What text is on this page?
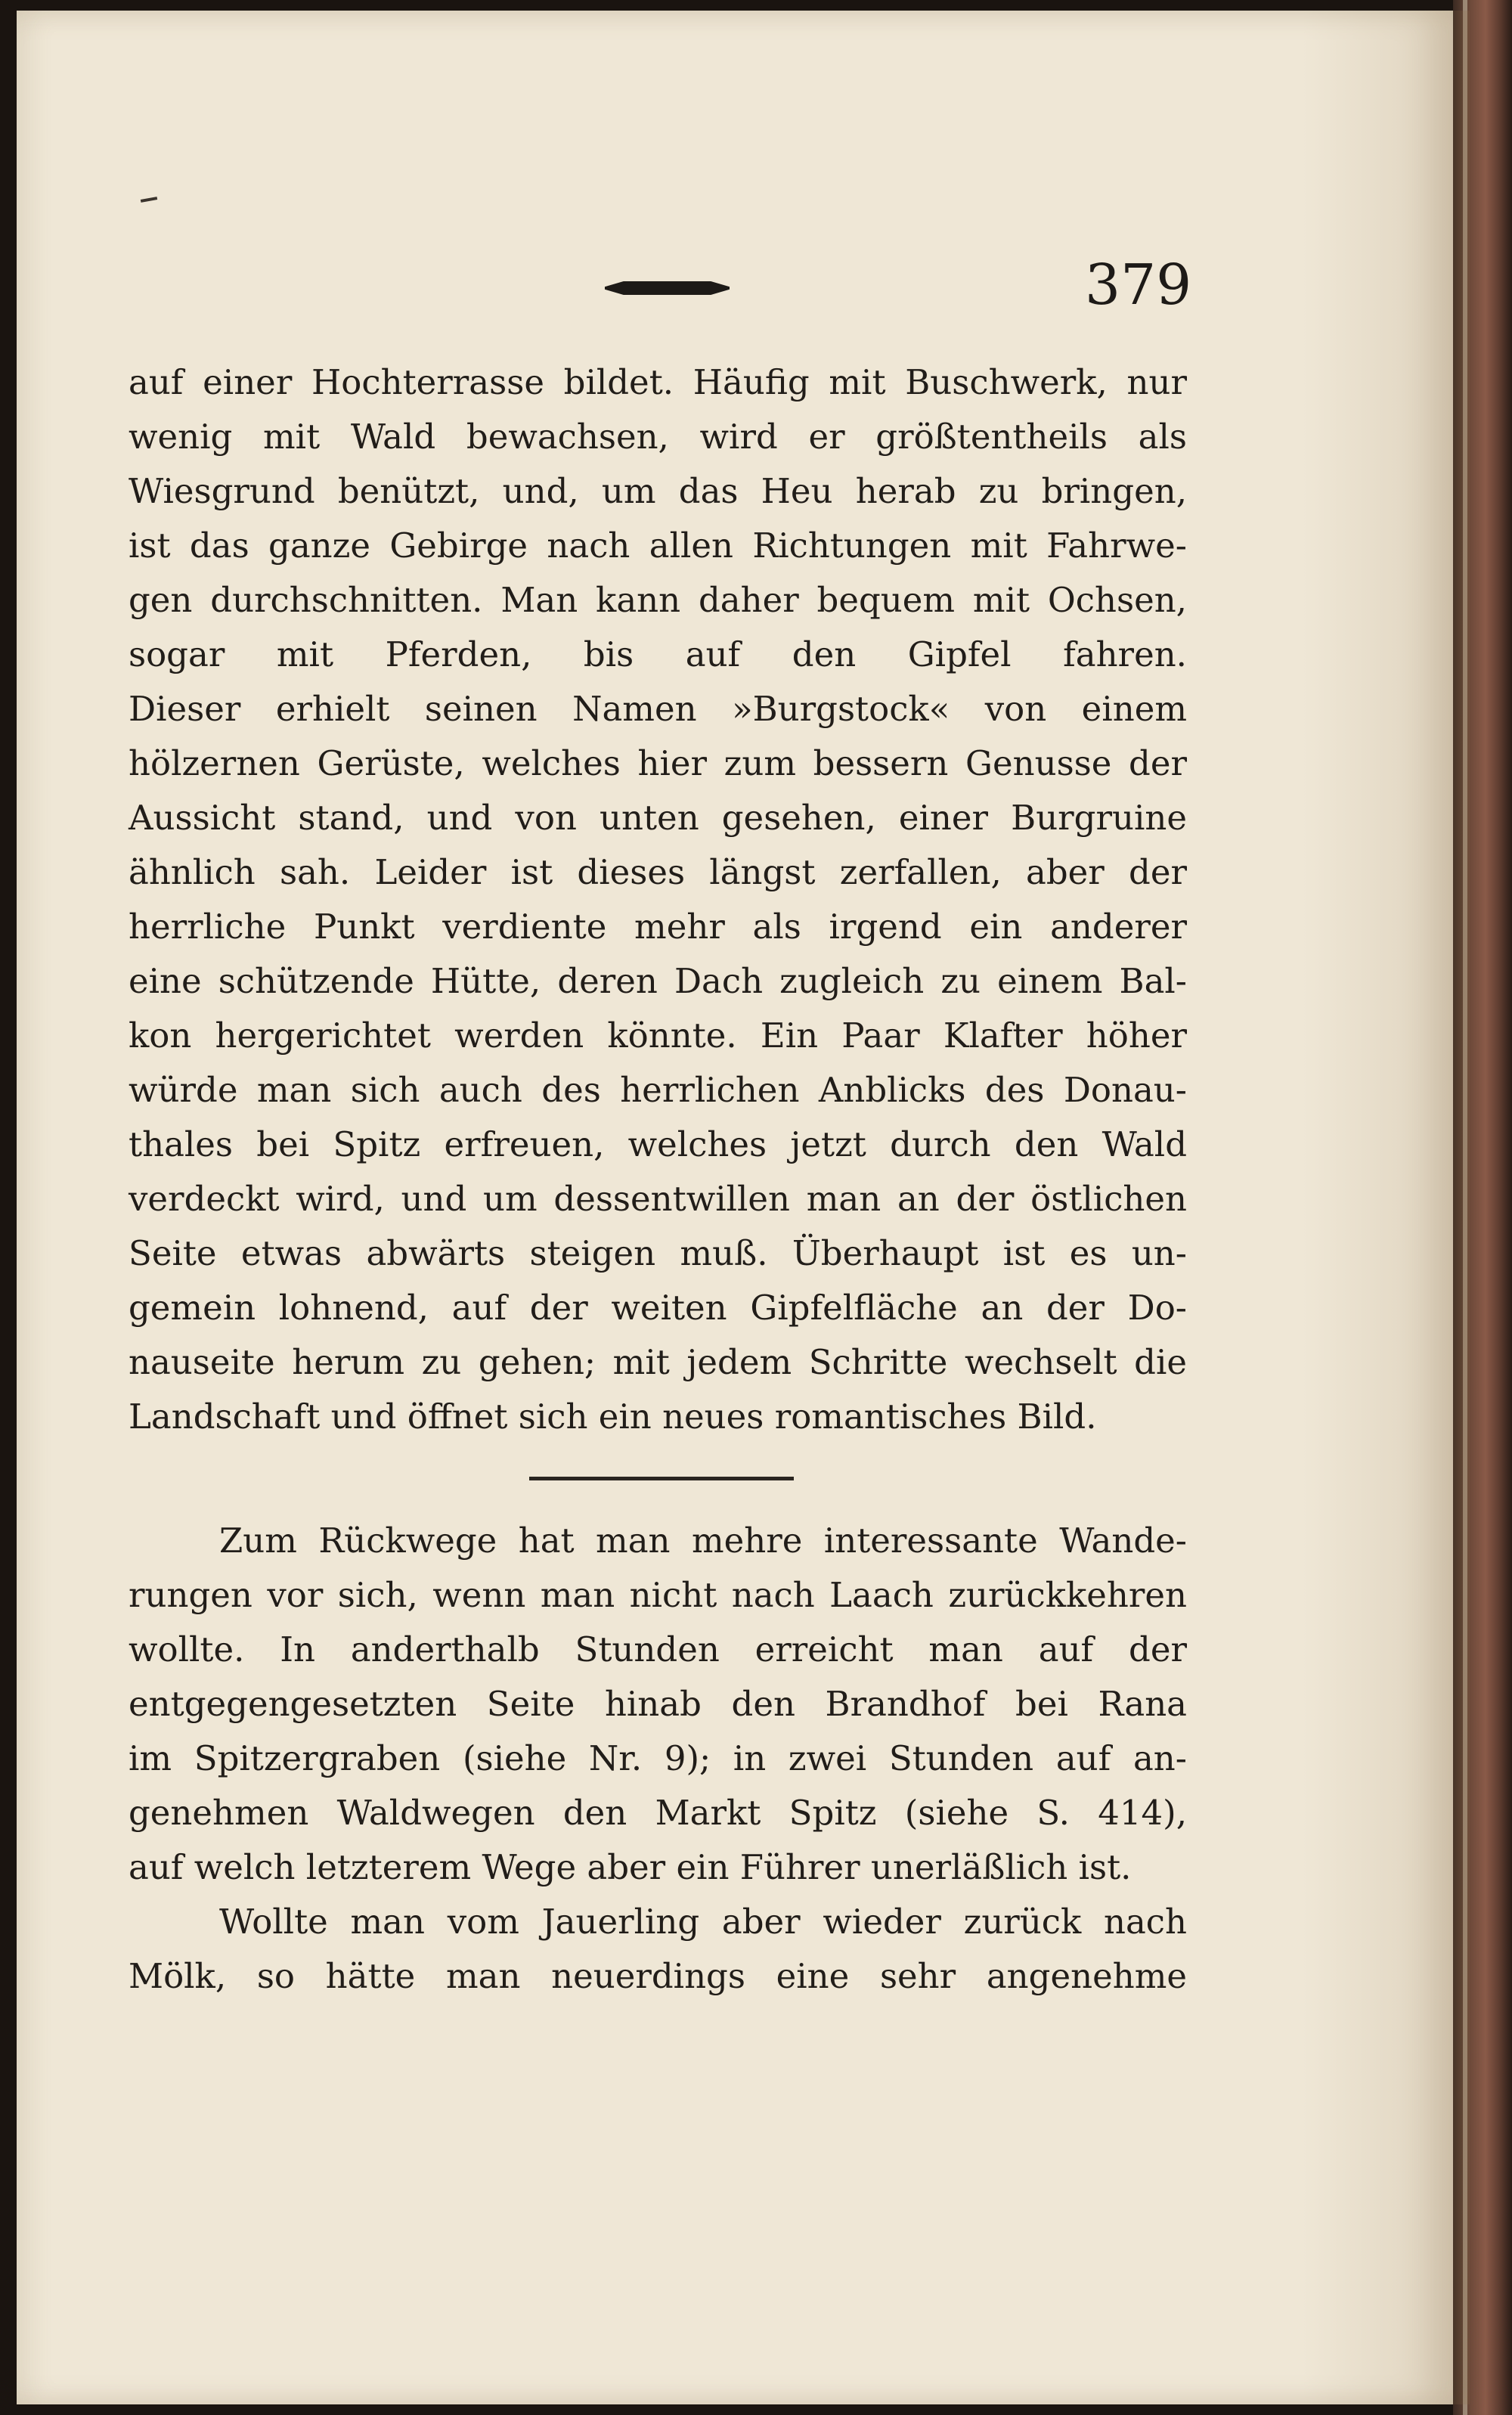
379
auf einer Hochterrasse bildet. Häufig mit Buschwerk, nur
wenig mit Wald bewachsen, wird er größtentheils als
Wiesgrund benützt, und, um das Heu herab zu bringen,
ist das ganze Gebirge nach allen Richtungen mit Fahrwe-
gen durchschnitten. Man kann daher bequem mit Ochsen,
sogar mit Pferden, bis auf den Gipfel fahren.
Dieser erhielt seinen Namen »Burgstock« von einem
hölzernen Gerüste, welches hier zum bessern Genusse der
Aussicht stand, und von unten gesehen, einer Burgruine
ähnlich sah. Leider ist dieses längst zerfallen, aber der
herrliche Punkt verdiente mehr als irgend ein anderer
eine schützende Hütte, deren Dach zugleich zu einem Bal-
kon hergerichtet werden könnte. Ein Paar Klafter höher
würde man sich auch des herrlichen Anblicks des Donau-
thales bei Spitz erfreuen, welches jetzt durch den Wald
verdeckt wird, und um dessentwillen man an der östlichen
Seite etwas abwärts steigen muß. Überhaupt ist es un-
gemein lohnend, auf der weiten Gipfelfläche an der Do-
nauseite herum zu gehen; mit jedem Schritte wechselt die
Landschaft und öffnet sich ein neues romantisches Bild.
Zum Rückwege hat man mehre interessante Wande-
rungen vor sich, wenn man nicht nach Laach zurückkehren
wollte. In anderthalb Stunden erreicht man auf der
entgegengesetzten Seite hinab den Brandhof bei Rana
im Spitzergraben (siehe Nr. 9); in zwei Stunden auf an-
genehmen Waldwegen den Markt Spitz (siehe S. 414),
auf welch letzterem Wege aber ein Führer unerläßlich ist.
Wollte man vom Jauerling aber wieder zurück nach
Mölk, so hätte man neuerdings eine sehr angenehme
